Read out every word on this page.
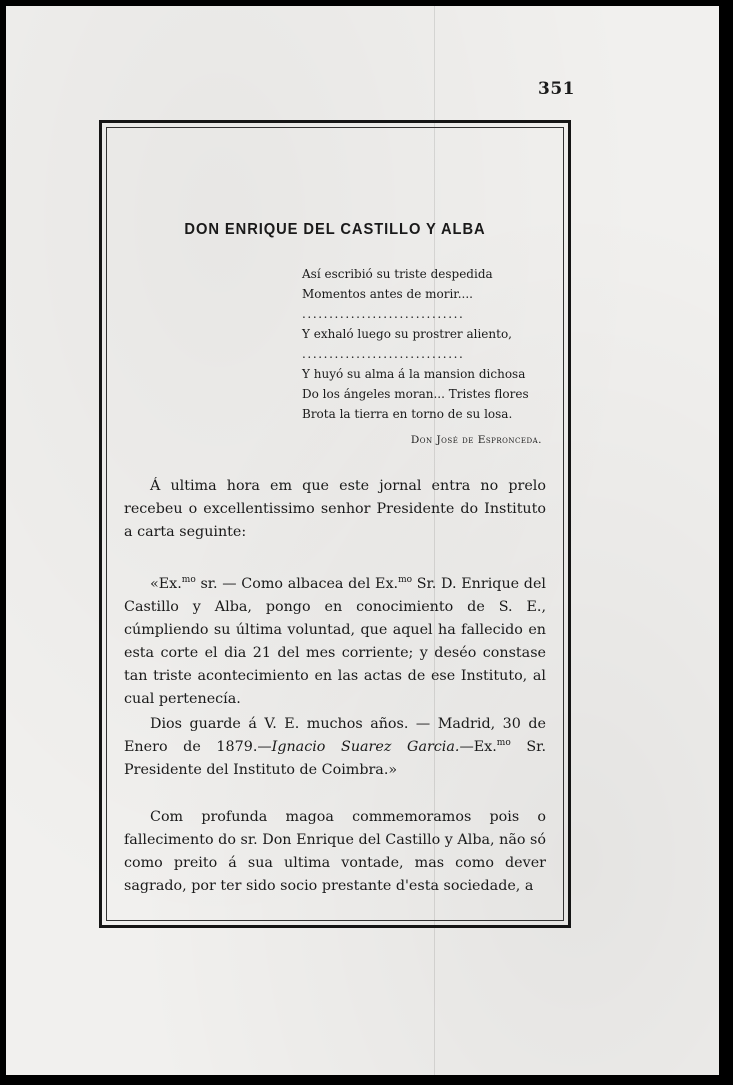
351
DON ENRIQUE DEL CASTILLO Y ALBA
Así escribió su triste despedida
Momentos antes de morir....
..............................
Y exhaló luego su prostrer aliento,
..............................
Y huyó su alma á la mansion dichosa
Do los ángeles moran... Tristes flores
Brota la tierra en torno de su losa.
Don José de Espronceda.
Á ultima hora em que este jornal entra no prelo recebeu o excellentissimo senhor Presidente do Instituto a carta seguinte:
«Ex.$^{mo}$ sr. — Como albacea del Ex.$^{mo}$ Sr. D. Enrique del Castillo y Alba, pongo en conocimiento de S. E., cúmpliendo su última voluntad, que aquel ha fallecido en esta corte el dia 21 del mes corriente; y deséo constase tan triste acontecimiento en las actas de ese Instituto, al cual pertenecía.
Dios guarde á V. E. muchos años. — Madrid, 30 de Enero de 1879.—Ignacio Suarez Garcia.—Ex.$^{mo}$ Sr. Presidente del Instituto de Coimbra.»
Com profunda magoa commemoramos pois o fallecimento do sr. Don Enrique del Castillo y Alba, não só como preito á sua ultima vontade, mas como dever sagrado, por ter sido socio prestante d'esta sociedade, a
